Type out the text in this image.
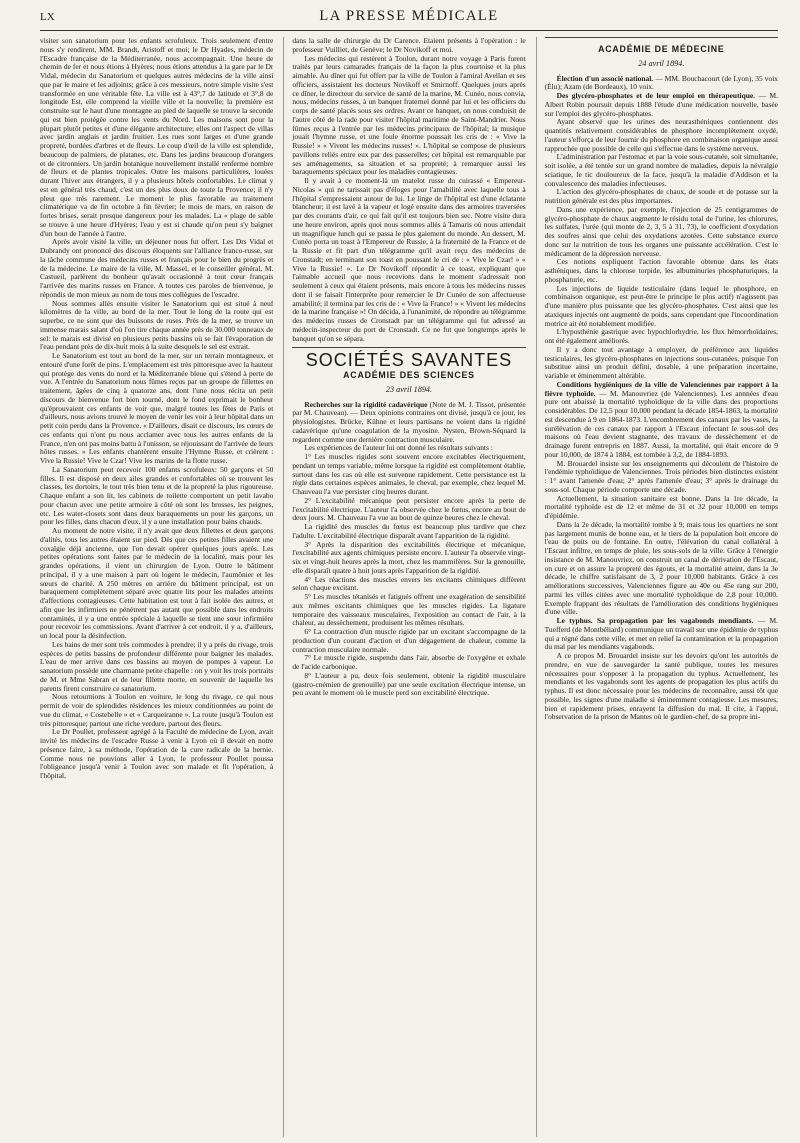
LX	LA PRESSE MÉDICALE

visiter son sanatorium pour les enfants scrofuleux. Trois seulement d'entre nous s'y rendirent, MM. Brandt, Aristoff et moi; le Dr Hyades, médecin de l'Escadre française de la Méditerranée, nous accompagnait. Une heure de chemin de fer et nous étions à Hyères; nous étions attendus à la gare par le Dr Vidal, médecin du Sanatorium et quelques autres médecins de la ville ainsi que par le maire et les adjoints; grâce à ces messieurs, notre simple visite s'est transformée en une véritable fête. La ville est à 43°,7 de latitude et 3°,8 de longitude Est, elle comprend la vieille ville et la nouvelle; la première est construite sur le haut d'une montagne au pied de laquelle se trouve la seconde qui est bien protégée contre les vents du Nord. Les maisons sont pour la plupart plutôt petites et d'une élégante architecture; elles ont l'aspect de villas avec jardin anglais et jardin fruitier. Les rues sont larges et d'une grande propreté, bordées d'arbres et de fleurs. Le coup d'œil de la ville est splendide, beaucoup de palmiers, de platanes, etc. Dans les jardins beaucoup d'orangers et de citronniers. Un jardin botanique nouvellement installé renferme nombre de fleurs et de plantes tropicales. Outre les maisons particulières, louées durant l'hiver aux étrangers, il y a plusieurs hôtels confortables. Le climat y est en général très chaud, c'est un des plus doux de toute la Provence; il n'y pleut que très rarement. Le moment le plus favorable au traitement climatérique va de fin octobre à fin février; le mois de mars, en raison de fortes brises, serait presque dangereux pour les malades. La « plage de sable se trouve à une heure d'Hyères; l'eau y est si chaude qu'on peut s'y baigner d'un bout de l'année à l'autre.

Après avoir visité la ville, un déjeuner nous fut offert. Les Drs Vidal et Dubrandy ont prononcé des discours éloquents sur l'alliance franco-russe, sur la tâche commune des médecins russes et français pour le bien du progrès et de la médecine. Le maire de la ville, M. Massel, et le conseiller général, M. Castueil, parlèrent du bonheur qu'avait occasionné à tout cœur français l'arrivée des marins russes en France. A toutes ces paroles de bienvenue, je répondis de mon mieux au nom de tous mes collègues de l'escadre.

Nous sommes allés ensuite visiter le Sanatorium qui est situé à neuf kilomètres de la ville, au bord de la mer. Tout le long de la route qui est superbe, ce ne sont que des buissons de roses. Près de la mer, se trouve un immense marais salant d'où l'on tire chaque année près de 30.000 tonneaux de sel: le marais est divisé en plusieurs petits bassins où se fait l'évaporation de l'eau pendant près de dix-huit mois à la suite desquels le sel est extrait.

Le Sanatorium est tout au bord de la mer, sur un terrain montagneux, et entouré d'une forêt de pins. L'emplacement est très pittoresque avec la hauteur qui protège des vents du nord et la Méditerranée bleue qui s'étend à perte de vue. A l'entrée du Sanatorium nous fûmes reçus par un groupe de fillettes en traitement, âgées de cinq à quatorze ans, dont l'une nous récita un petit discours de bienvenue fort bien tourné, dont le fond exprimait le bonheur qu'éprouvaient ces enfants de voir que, malgré toutes les fêtes de Paris et d'ailleurs, nous avions trouvé le moyen de venir les voir à leur hôpital dans un petit coin perdu dans la Provence. « D'ailleurs, disait ce discours, les cœurs de ces enfants qui n'ont pu nous acclamer avec tous les autres enfants de la France, n'en ont pas moins battu à l'unisson, se réjouissant de l'arrivée de leurs hôtes russes. » Les enfants chantèrent ensuite l'Hymne Russe, et crièrent : Vive la Russie! Vive le Czar! Vive les marins de la flotte russe.

La Sanatorium peut recevoir 100 enfants scrofuleux: 50 garçons et 50 filles. Il est disposé en deux ailes grandes et confortables où se trouvent les classes, les dortoirs, le tout très bien tenu et de la propreté la plus rigoureuse. Chaque enfant a son lit, les cabinets de toilette comportent un petit lavabo pour chacun avec une petite armoire à côté où sont les brosses, les peignes, etc. Les water-closets sont dans deux baraquements un pour les garçons, un pour les filles, dans chacun d'eux, il y a une installation pour bains chauds.

Au moment de notre visite, il n'y avait que deux fillettes et deux garçons d'alités, tous les autres étaient sur pied. Dès que ces petites filles avaient une coxalgie déjà ancienne, que l'on devait opérer quelques jours après. Les petites opérations sont faites par le médecin de la localité, mais pour les grandes opérations, il vient un chirurgien de Lyon. Outre le bâtiment principal, il y a une maison à part où logent le médecin, l'aumônier et les sœurs de charité. A 250 mètres en arrière du bâtiment principal, est un baraquement complètement séparé avec quatre lits pour les malades atteints d'affections contagieuses. Cette habitation est tout à fait isolée des autres, et afin que les infirmiers ne pénètrent pas autant que possible dans les endroits contaminés, il y a une entrée spéciale à laquelle se tient une sœur infirmière pour recevoir les commissions. Avant d'arriver à cet endroit, il y a, d'ailleurs, un local pour la désinfection.

Les bains de mer sont très commodes à prendre; il y a près du rivage, trois espèces de petits bassins de profondeur différente pour baigner les malades. L'eau de mer arrive dans ces bassins au moyen de pompes à vapeur. Le sanatorium possède une charmante petite chapelle : on y voit les trois portraits de M. et Mme Sabran et de leur fillette morte, en souvenir de laquelle les parents firent construire ce sanatorium.

Nous retournions à Toulon en voiture, le long du rivage, ce qui nous permit de voir de splendides résidences les mieux conditionnées au point de vue du climat, « Costebelle » et « Carqueiranne ». La route jusqu'à Toulon est très pittoresque; partout une riche verdure, partout des fleurs.

Le Dr Poullet, professeur agrégé à la Faculté de médecine de Lyon, avait invité les médecins de l'escadre Russe à venir à Lyon où il devait en notre présence faire, à sa méthode, l'opération de la cure radicale de la hernie. Comme nous ne pouvions aller à Lyon, le professeur Poullet poussa l'obligeance jusqu'à venir à Toulon avec son malade et fit l'opération, à l'hôpital,

dans la salle de chirurgie du Dr Carence. Etaient présents à l'opération : le professeur Vuilliet, de Genève; le Dr Novikoff et moi.

Les médecins qui restèrent à Toulon, durant notre voyage à Paris furent traités par leurs camarades français de la façon la plus courtoise et la plus aimable. Au dîner qui fut offert par la ville de Toulon à l'amiral Avellan et ses officiers, assistaient les docteurs Novikoff et Smirnoff. Quelques jours après ce dîner, le directeur du service de santé de la marine, M. Cunéo, nous convia, nous, médecins russes, à un banquet fraternel donné par lui et les officiers du corps de santé placés sous ses ordres. Avant ce banquet, on nous conduisit de l'autre côté de la rade pour visiter l'hôpital maritime de Saint-Mandrier. Nous fûmes reçus à l'entrée par les médecins principaux de l'hôpital; la musique jouait l'hymne russe, et une foule énorme poussait les cris de : « Vive la Russie! » « Vivent les médecins russes! ». L'hôpital se compose de plusieurs pavillons reliés entre eux par des passerelles; cet hôpital est remarquable par ses aménagements, sa situation et sa propreté; à remarquer aussi les baraquements spéciaux pour les maladies contagieuses.

Il y avait à ce moment-là un matelot russe du cuirassé « Empereur-Nicolas » qui ne tarissait pas d'éloges pour l'amabilité avec laquelle tous à l'hôpital s'empressaient autour de lui. Le linge de l'hôpital est d'une éclatante blancheur; il est lavé à la vapeur et logé ensuite dans des armoires traversées par des courants d'air, ce qui fait qu'il est toujours bien sec. Notre visite dura une heure environ, après quoi nous sommes allés à Tamaris où nous attendait un magnifique lunch qui se passa le plus gaiement du monde. Au dessert, M. Cunéo porta un toast à l'Empereur de Russie, à la fraternité de la France et de la Russie et fit part d'un télégramme qu'il avait reçu des médecins de Cronstadt; en terminant son toast en poussant le cri de : « Vive le Czar! » « Vive la Russie! ». Le Dr Novikoff répondit à ce toast, expliquant que l'aimable accueil que nous recevions dans le moment s'adressait non seulement à ceux qui étaient présents, mais encore à tous les médecins russes dont il se faisait l'interprète pour remercier le Dr Cunéo de son affectueuse amabilité; il termina par les cris de : « Vive la France! » « Vivent les médecins de la marine française »! On décida, à l'unanimité, de répondre au télégramme des médecins russes de Cronstadt par un télégramme qui fut adressé au médecin-inspecteur du port de Cronstadt. Ce ne fut que longtemps après le banquet qu'on se sépara.

SOCIÉTÉS SAVANTES
ACADÉMIE DES SCIENCES
23 avril 1894.

Recherches sur la rigidité cadavérique (Note de M. J. Tissot, présentée par M. Chauveau). — Deux opinions contraires ont divisé, jusqu'à ce jour, les physiologistes. Brücke, Kühne et leurs partisans ne voient dans la rigidité cadavérique qu'une coagulation de la myosine. Nysten, Brown-Séquard la regardent comme une dernière contraction musculaire.

Les expériences de l'auteur lui ont donné les résultats suivants :

1° Les muscles rigides sont souvent encore excitables électriquement, pendant un temps variable, même lorsque la rigidité est complètement établie, surtout dans les cas où elle est survenue rapidement. Cette persistance est la règle dans certaines espèces animales, le cheval, par exemple, chez lequel M. Chauveau l'a vue persister cinq heures durant.

2° L'excitabilité mécanique peut persister encore après la perte de l'excitabilité électrique. L'auteur l'a observée chez le fœtus, encore au bout de deux jours. M. Chauveau l'a vue au bout de quinze heures chez le cheval.

La rigidité des muscles du fœtus est beaucoup plus tardive que chez l'adulte. L'excitabilité électrique disparaît avant l'apparition de la rigidité.

3° Après la disparition des excitabilités électrique et mécanique, l'excitabilité aux agents chimiques persiste encore. L'auteur l'a observée vingt-six et vingt-huit heures après la mort, chez les mammifères. Sur la grenouille, elle disparaît quatre à huit jours après l'apparition de la rigidité.

4° Les réactions des muscles envers les excitants chimiques diffèrent selon chaque excitant.

5° Les muscles tétanisés et fatigués offrent une exagération de sensibilité aux mêmes excitants chimiques que les muscles rigides. La ligature temporaire des vaisseaux musculaires, l'exposition au contact de l'air, à la chaleur, au dessèchement, produisent les mêmes résultats.

6° La contraction d'un muscle rigide par un excitant s'accompagne de la production d'un courant d'action et d'un dégagement de chaleur, comme la contraction musculaire normale.

7° Le muscle rigide, suspendu dans l'air, absorbe de l'oxygène et exhale de l'acide carbonique.

8° L'auteur a pu, deux fois seulement, obtenir la rigidité musculaire (gastro-cnémien de grenouille) par une seule excitation électrique intense, un peu avant le moment où le muscle perd son excitabilité électrique.

ACADÉMIE DE MÉDECINE
24 avril 1894.

Élection d'un associé national. — MM. Bouchacourt (de Lyon), 35 voix (Élu); Azam (de Bordeaux), 10 voix.

Des glycéro-phosphates et de leur emploi en thérapeutique. — M. Albert Robin poursuit depuis 1888 l'étude d'une médication nouvelle, basée sur l'emploi des glycéro-phosphates.

Ayant observé que les urines des neurasthéniques contiennent des quantités relativement considérables de phosphore incomplètement oxydé, l'auteur s'efforça de leur fournir du phosphore en combinaison organique aussi rapprochée que possible de celle qui s'effectue dans le système nerveux.

L'administration par l'estomac et par la voie sous-cutanée, soit simultanée, soit isolée, a été tentée sur un grand nombre de maladies, depuis la névralgie sciatique, le tic douloureux de la face, jusqu'à la maladie d'Addison et la convalescence des maladies infectieuses.

L'action des glycéro-phosphates de chaux, de soude et de potasse sur la nutrition générale est des plus importantes.

Dans une expérience, par exemple, l'injection de 25 centigrammes de glycéro-phosphate de chaux augmente le résidu total de l'urine, les chlorures, les sulfates, l'urée (qui monte de 2, 3, 5 à 31, 73), le coefficient d'oxydation des soufres ainsi que celui des oxydations azotées. Cette substance exerce donc sur la nutrition de tous les organes une puissante accélération. C'est le médicament de la dépression nerveuse.

Ces notions expliquent l'action favorable obtenue dans les états asthéniques, dans la chlorose torpide, les albuminuries phosphaturiques, la phosphaturie, etc.

Les injections de liquide testiculaire (dans lequel le phosphore, en combinaison organique, est peut-être le principe le plus actif) n'agissent pas d'une manière plus puissante que les glycéro-phosphates. C'est ainsi que les ataxiques injectés ont augmenté de poids, sans cependant que l'incoordination motrice ait été notablement modifiée.

L'hyposthénie gastrique avec hypochlorhydrie, les flux hémorrhoïdaires, ont été également améliorés.

Il y a donc tout avantage à employer, de préférence aux liquides testiculaires, les glycéro-phosphates en injections sous-cutanées, puisque l'on substitue ainsi un produit défini, dosable, à une préparation incertaine, variable et éminemment altérable.

Conditions hygiéniques de la ville de Valenciennes par rapport à la fièvre typhoïde. — M. Manouvriez (de Valenciennes). Les annnées d'eau pure ont abaissé la mortalité typhoïdique de la ville dans des proportions considérables. De 12,5 pour 10,000 pendant la décade 1854-1863, la mortalité est descendue à 9 en 1864-1873. L'encombrement des canaux par les vases, la surélévation de ces canaux par rapport à l'Escaut infectant le sous-sol des maisons où l'eau devient stagnante, des travaux de dessèchement et de drainage furent entrepris en 1887. Aussi, la mortalité, qui était encore de 9 pour 10,000, de 1874 à 1884, est tombée à 3,2, de 1884-1893.

M. Brouardel insiste sur les enseignements qui découlent de l'histoire de l'endémie typhoïdique de Valenciennes. Trois périodes bien distinctes existent : 1° avant l'amenée d'eau; 2° après l'amenée d'eau; 3° après le drainage du sous-sol. Chaque période comporte une décade.

Actuellement, la situation sanitaire est bonne. Dans la 1re décade, la mortalité typhoïde est de 12 et même de 31 et 32 pour 10,000 en temps d'épidémie.

Dans la 2e décade, la mortalité tombe à 9; mais tous les quartiers ne sont pas largement munis de bonne eau, et le tiers de la population boit encore de l'eau de puits ou de fontaine. En outre, l'élévation du canal collatéral à l'Escaut infiltre, en temps de pluie, les sous-sols de la ville. Grâce à l'énergie insistance de M. Manouvriez, on construit un canal de dérivation de l'Escaut, on cure et on assure la propreté des égouts, et la mortalité atteint, dans la 3e décade, le chiffre satisfaisant de 3, 2 pour 10,000 habitants. Grâce à ces améliorations successives, Valenciennes figure au 40e ou 45e rang sur 200, parmi les villes citées avec une mortalité typhoïdique de 2,8 pour 10,000. Exemple frappant des résultats de l'amélioration des conditions hygiéniques d'une ville.

Le typhus. Sa propagation par les vagabonds mendiants. — M. Tuefferd (de Montbéliard) communique un travail sur une épidémie de typhus qui a régné dans cette ville, et met en relief la contamination et la propagation du mal par les mendiants vagabonds.

A ce propos M. Brouardel insiste sur les devoirs qu'ont les autorités de prendre, en vue de sauvegarder la santé publique, toutes les mesures nécessaires pour s'opposer à la propagation du typhus. Actuellement, les mendiants et les vagabonds sont les agents de propagation les plus actifs du typhus. Il est donc nécessaire pour les médecins de reconnaître, aussi tôt que possible, les signes d'une maladie si éminemment contagieuse. Les mesures, bien et rapidement prises, enrayent la diffusion du mal. Il cite, à l'appui, l'observation de la prison de Mantes où le gardien-chef, de sa propre ini-
